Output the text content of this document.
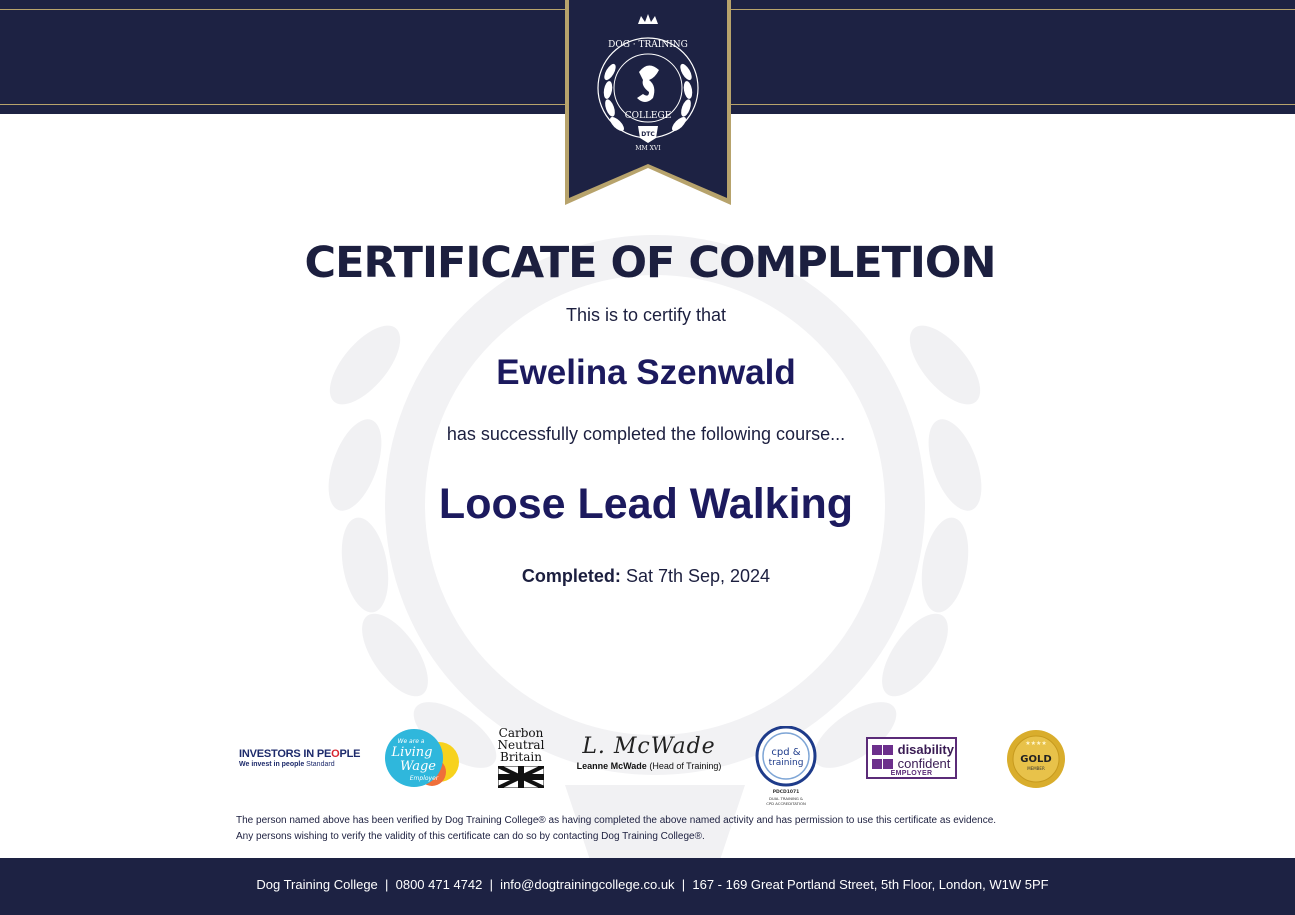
DOG · TRAINING
COLLEGE
DTC
MM XVI
CERTIFICATE OF COMPLETION
This is to certify that
Ewelina Szenwald
has successfully completed the following course...
Loose Lead Walking
Completed: Sat 7th Sep, 2024
INVESTORS IN PEOPLE
We invest in people Standard
We are a
Living
Wage
Employer
Carbon
Neutral
Britain	L. McWade
Leanne McWade (Head of Training)
cpd &
training
PDCD1071
DUAL TRAINING &
CPD ACCREDITATION
disability
confident
EMPLOYER
★★★★
GOLD
MEMBER
The person named above has been verified by Dog Training College® as having completed the above named activity and has permission to use this certificate as evidence.
Any persons wishing to verify the validity of this certificate can do so by contacting Dog Training College®.
Dog Training College  |  0800 471 4742  |  info@dogtrainingcollege.co.uk  |  167 - 169 Great Portland Street, 5th Floor, London, W1W 5PF
